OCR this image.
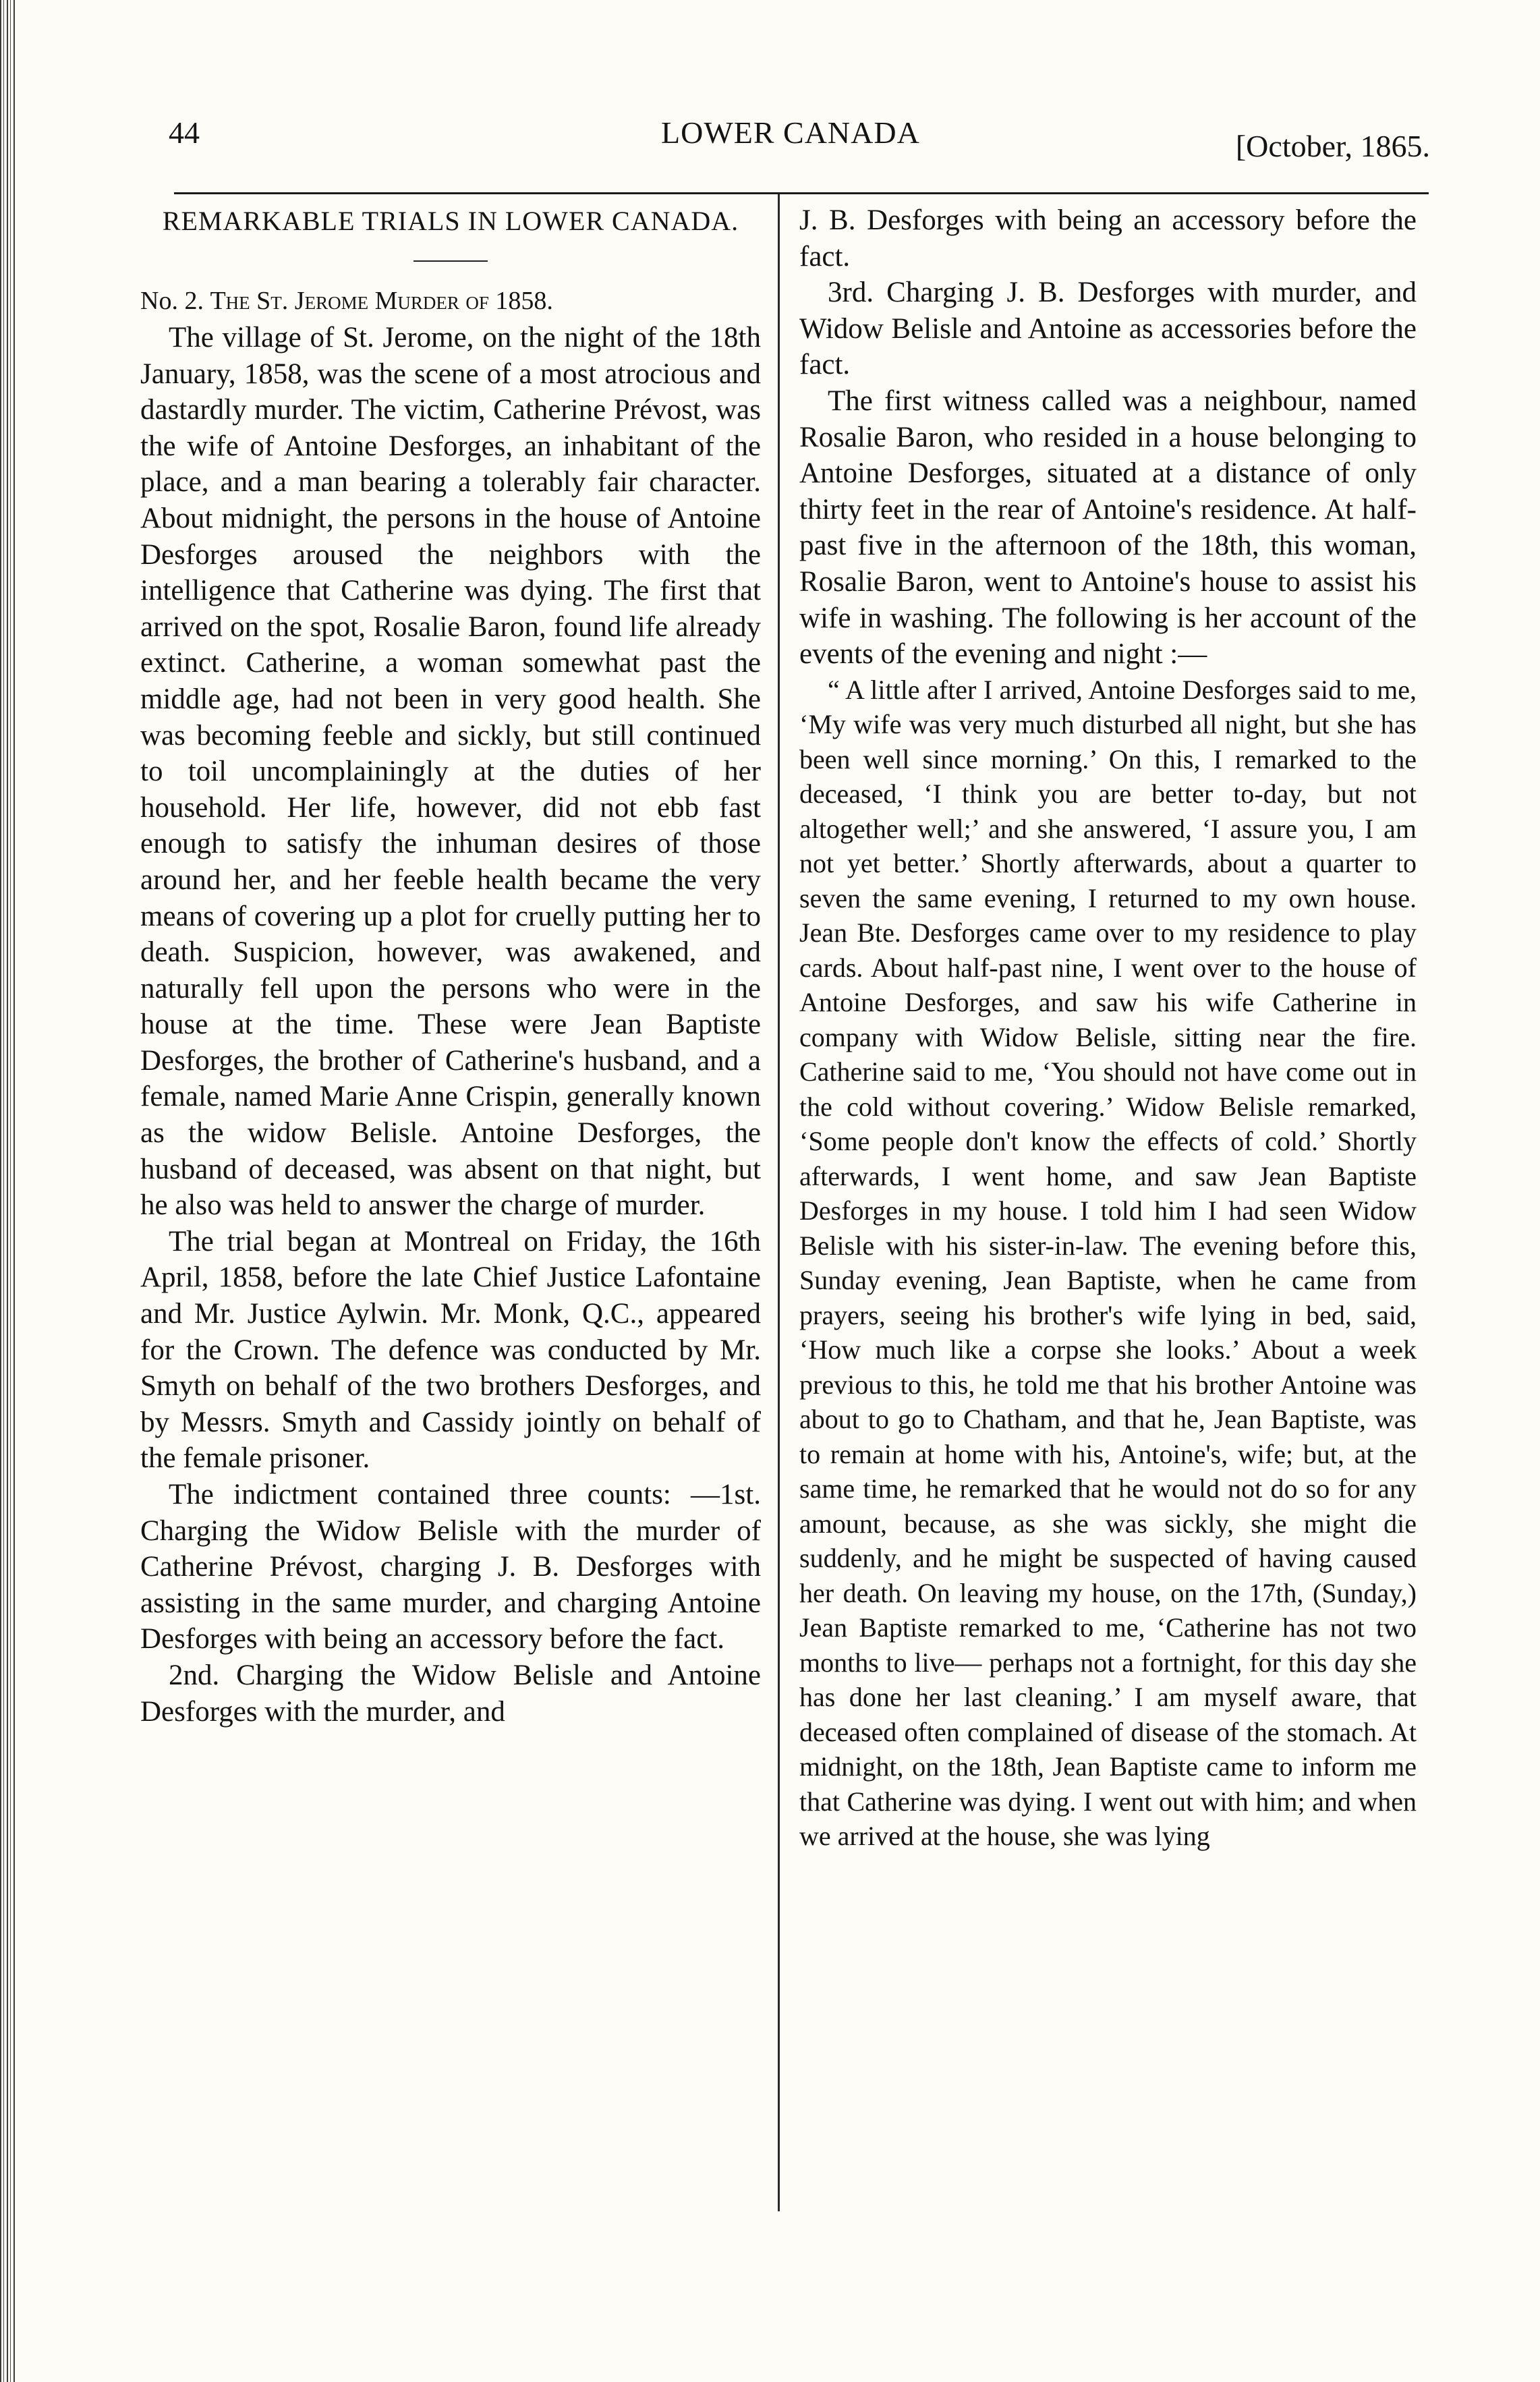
44	LOWER CANADA	[October, 1865.

REMARKABLE TRIALS IN LOWER CANADA.

No. 2. The St. Jerome Murder of 1858.

The village of St. Jerome, on the night of the 18th January, 1858, was the scene of a most atrocious and dastardly murder. The victim, Catherine Prévost, was the wife of Antoine Desforges, an inhabitant of the place, and a man bearing a tolerably fair character. About midnight, the persons in the house of Antoine Desforges aroused the neighbors with the intelligence that Catherine was dying. The first that arrived on the spot, Rosalie Baron, found life already extinct. Catherine, a woman somewhat past the middle age, had not been in very good health. She was becoming feeble and sickly, but still continued to toil uncomplainingly at the duties of her household. Her life, however, did not ebb fast enough to satisfy the inhuman desires of those around her, and her feeble health became the very means of covering up a plot for cruelly putting her to death. Suspicion, however, was awakened, and naturally fell upon the persons who were in the house at the time. These were Jean Baptiste Desforges, the brother of Catherine's husband, and a female, named Marie Anne Crispin, generally known as the widow Belisle. Antoine Desforges, the husband of deceased, was absent on that night, but he also was held to answer the charge of murder.

The trial began at Montreal on Friday, the 16th April, 1858, before the late Chief Justice Lafontaine and Mr. Justice Aylwin. Mr. Monk, Q.C., appeared for the Crown. The defence was conducted by Mr. Smyth on behalf of the two brothers Desforges, and by Messrs. Smyth and Cassidy jointly on behalf of the female prisoner.

The indictment contained three counts: —1st. Charging the Widow Belisle with the murder of Catherine Prévost, charging J. B. Desforges with assisting in the same murder, and charging Antoine Desforges with being an accessory before the fact.

2nd. Charging the Widow Belisle and Antoine Desforges with the murder, and

J. B. Desforges with being an accessory before the fact.

3rd. Charging J. B. Desforges with murder, and Widow Belisle and Antoine as accessories before the fact.

The first witness called was a neighbour, named Rosalie Baron, who resided in a house belonging to Antoine Desforges, situated at a distance of only thirty feet in the rear of Antoine's residence. At half-past five in the afternoon of the 18th, this woman, Rosalie Baron, went to Antoine's house to assist his wife in washing. The following is her account of the events of the evening and night :—

“ A little after I arrived, Antoine Desforges said to me, ‘My wife was very much disturbed all night, but she has been well since morning.’ On this, I remarked to the deceased, ‘I think you are better to-day, but not altogether well;’ and she answered, ‘I assure you, I am not yet better.’ Shortly afterwards, about a quarter to seven the same evening, I returned to my own house. Jean Bte. Desforges came over to my residence to play cards. About half-past nine, I went over to the house of Antoine Desforges, and saw his wife Catherine in company with Widow Belisle, sitting near the fire. Catherine said to me, ‘You should not have come out in the cold without covering.’ Widow Belisle remarked, ‘Some people don't know the effects of cold.’ Shortly afterwards, I went home, and saw Jean Baptiste Desforges in my house. I told him I had seen Widow Belisle with his sister-in-law. The evening before this, Sunday evening, Jean Baptiste, when he came from prayers, seeing his brother's wife lying in bed, said, ‘How much like a corpse she looks.’ About a week previous to this, he told me that his brother Antoine was about to go to Chatham, and that he, Jean Baptiste, was to remain at home with his, Antoine's, wife; but, at the same time, he remarked that he would not do so for any amount, because, as she was sickly, she might die suddenly, and he might be suspected of having caused her death. On leaving my house, on the 17th, (Sunday,) Jean Baptiste remarked to me, ‘Catherine has not two months to live— perhaps not a fortnight, for this day she has done her last cleaning.’ I am myself aware, that deceased often complained of disease of the stomach. At midnight, on the 18th, Jean Baptiste came to inform me that Catherine was dying. I went out with him; and when we arrived at the house, she was lying
